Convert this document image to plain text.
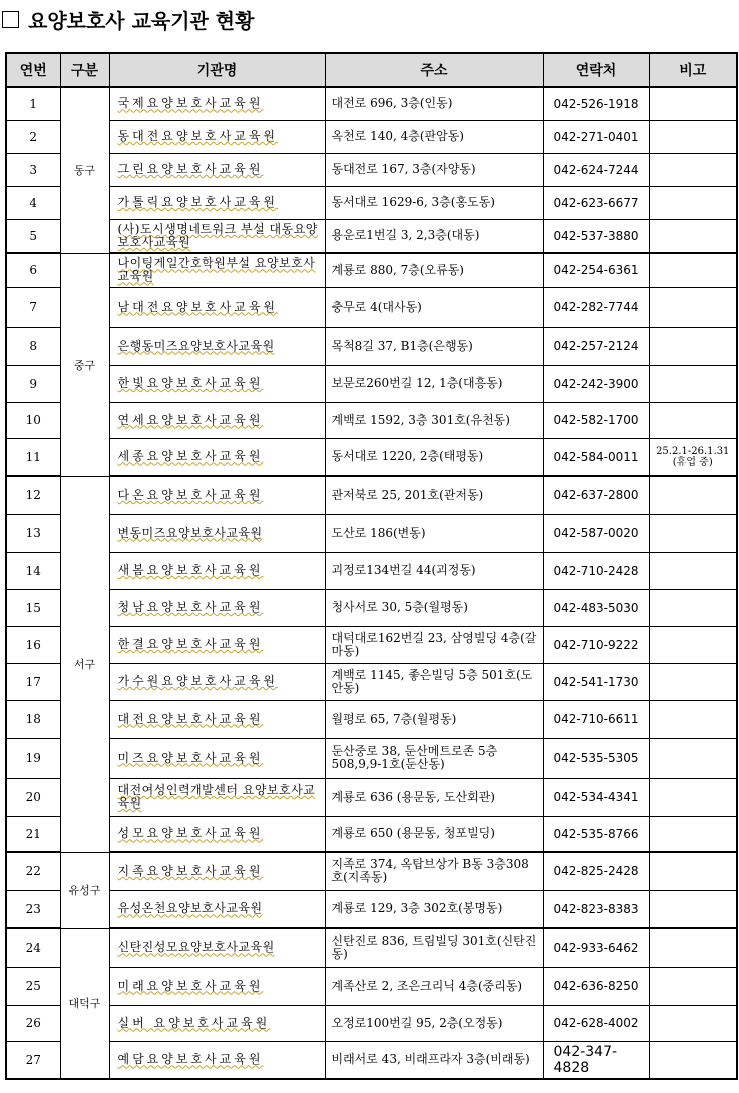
요양보호사 교육기관 현황
연번	구분	기관명	주소	연락처	비고
1	동구	국제요양보호사교육원	대전로 696, 3층(인동)	042-526-1918	
2		동대전요양보호사교육원	옥천로 140, 4층(판암동)	042-271-0401	
3		그린요양보호사교육원	동대전로 167, 3층(자양동)	042-624-7244	
4		가톨릭요양보호사교육원	동서대로 1629-6, 3층(홍도동)	042-623-6677	
5		(사)도시생명네트워크 부설 대동요양보호사교육원	용운로1번길 3, 2,3층(대동)	042-537-3880	
6	중구	나이팅게일간호학원부설 요양보호사교육원	계룡로 880, 7층(오류동)	042-254-6361	
7		남대전요양보호사교육원	충무로 4(대사동)	042-282-7744	
8		은행동미즈요양보호사교육원	목척8길 37, B1층(은행동)	042-257-2124	
9		한빛요양보호사교육원	보문로260번길 12, 1층(대흥동)	042-242-3900	
10		연세요양보호사교육원	계백로 1592, 3층 301호(유천동)	042-582-1700	
11		세종요양보호사교육원	동서대로 1220, 2층(태평동)	042-584-0011	25.2.1-26.1.31 (휴업 중)
12	서구	다온요양보호사교육원	관저북로 25, 201호(관저동)	042-637-2800	
13		변동미즈요양보호사교육원	도산로 186(변동)	042-587-0020	
14		새봄요양보호사교육원	괴정로134번길 44(괴정동)	042-710-2428	
15		청남요양보호사교육원	청사서로 30, 5층(월평동)	042-483-5030	
16		한결요양보호사교육원	대덕대로162번길 23, 삼영빌딩 4층(갈마동)	042-710-9222	
17		가수원요양보호사교육원	계백로 1145, 좋은빌딩 5층 501호(도안동)	042-541-1730	
18		대전요양보호사교육원	월평로 65, 7층(월평동)	042-710-6611	
19		미즈요양보호사교육원	둔산중로 38, 둔산메트로존 5층 508,9,9-1호(둔산동)	042-535-5305	
20		대전여성인력개발센터 요양보호사교육원	계룡로 636 (용문동, 도산회관)	042-534-4341	
21		성모요양보호사교육원	계룡로 650 (용문동, 청포빌딩)	042-535-8766	
22	유성구	지족요양보호사교육원	지족로 374, 옥탑브상가 B동 3층308호(지족동)	042-825-2428	
23		유성온천요양보호사교육원	계룡로 129, 3층 302호(봉명동)	042-823-8383	
24	대덕구	신탄진성모요양보호사교육원	신탄진로 836, 트림빌딩 301호(신탄진동)	042-933-6462	
25		미래요양보호사교육원	계족산로 2, 조은크리닉 4층(중리동)	042-636-8250	
26		실버 요양보호사교육원	오정로100번길 95, 2층(오정동)	042-628-4002	
27		예담요양보호사교육원	비래서로 43, 비래프라자 3층(비래동)	042-347-4828	
